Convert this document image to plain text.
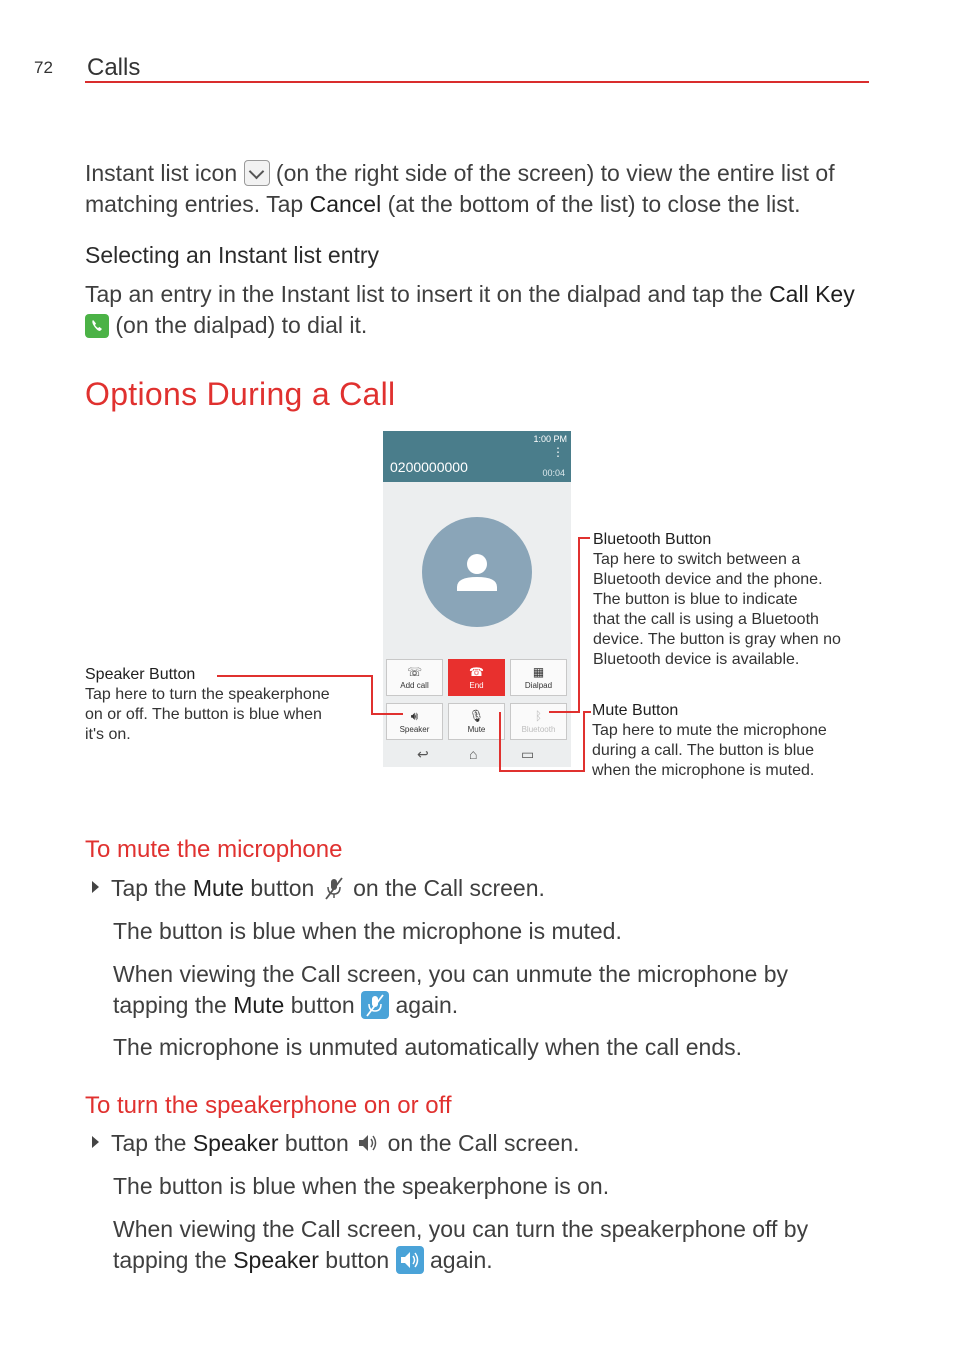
72 Calls
Instant list icon (on the right side of the screen) to view the entire list of
matching entries. Tap Cancel (at the bottom of the list) to close the list.
Selecting an Instant list entry
Tap an entry in the Instant list to insert it on the dialpad and tap the Call Key
(on the dialpad) to dial it.
Options During a Call
1:00 PM
⋮
0200000000	00:04
☏
Add call
☎
End
▦
Dialpad
🔊︎
Speaker
🎙︎
Mute
ᛒ
Bluetooth
↩	⌂	▭
Bluetooth Button
Tap here to switch between a
Bluetooth device and the phone.
The button is blue to indicate
that the call is using a Bluetooth
device. The button is gray when no
Bluetooth device is available.
Speaker Button
Tap here to turn the speakerphone
on or off. The button is blue when
it's on.
Mute Button
Tap here to mute the microphone
during a call. The button is blue
when the microphone is muted.
To mute the microphone
Tap the Mute button on the Call screen.
The button is blue when the microphone is muted.
When viewing the Call screen, you can unmute the microphone by
tapping the Mute button again.
The microphone is unmuted automatically when the call ends.
To turn the speakerphone on or off
Tap the Speaker button on the Call screen.
The button is blue when the speakerphone is on.
When viewing the Call screen, you can turn the speakerphone off by
tapping the Speaker button again.
